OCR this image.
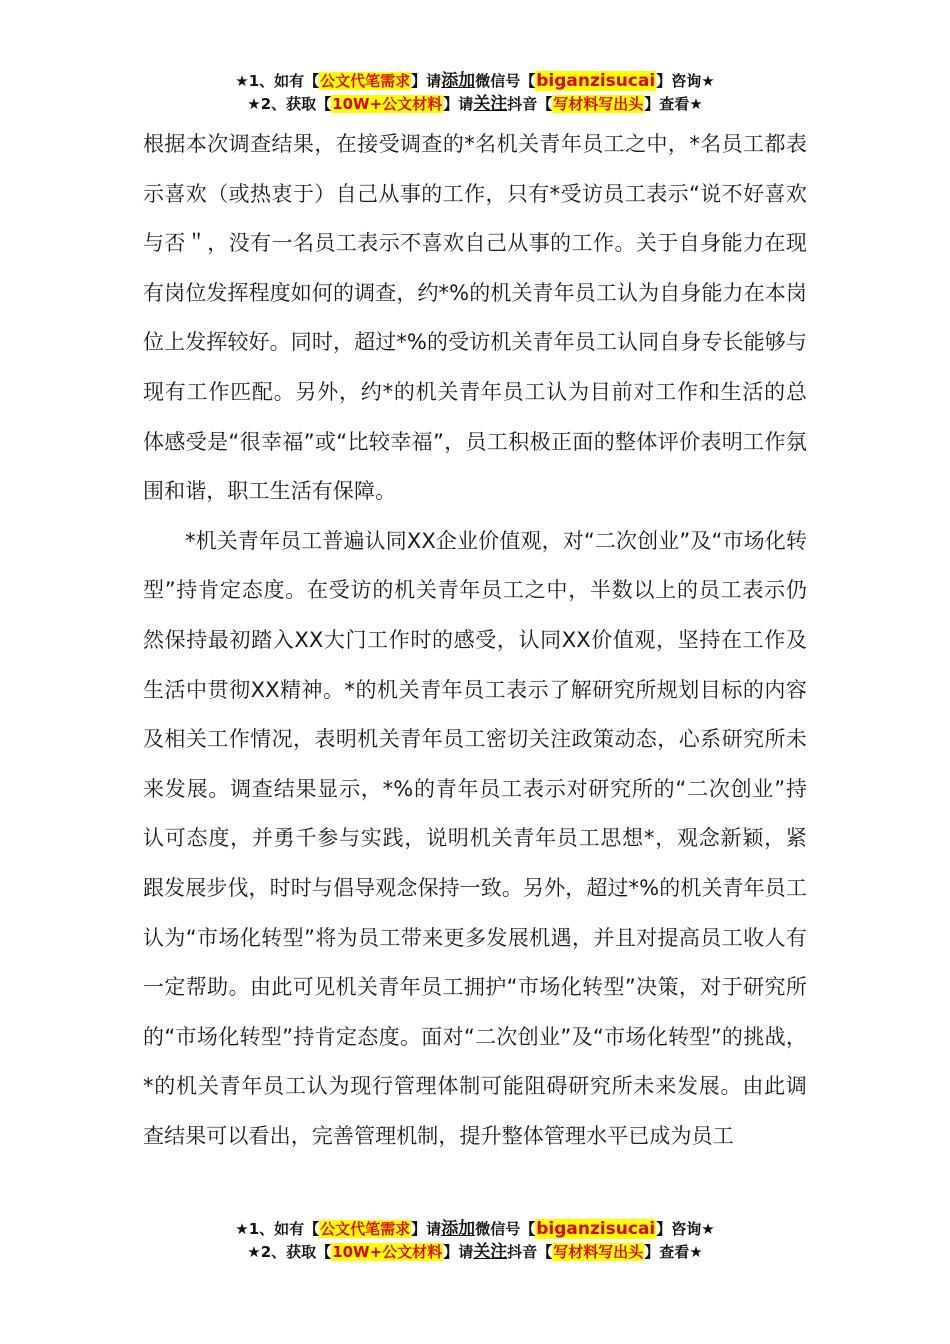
★1、如有【公文代笔需求】请添加微信号【biganzisucai】咨询★
★2、获取【10W+公文材料】请关注抖音【写材料写出头】查看★

根据本次调查结果，在接受调查的*名机关青年员工之中，*名员工都表示喜欢（或热衷于）自己从事的工作，只有*受访员工表示“说不好喜欢与否＂，没有一名员工表示不喜欢自己从事的工作。关于自身能力在现有岗位发挥程度如何的调查，约*%的机关青年员工认为自身能力在本岗位上发挥较好。同时，超过*%的受访机关青年员工认同自身专长能够与现有工作匹配。另外，约*的机关青年员工认为目前对工作和生活的总体感受是“很幸福”或“比较幸福”，员工积极正面的整体评价表明工作氛围和谐，职工生活有保障。

*机关青年员工普遍认同XX企业价值观，对“二次创业”及“市场化转型”持肯定态度。在受访的机关青年员工之中，半数以上的员工表示仍然保持最初踏入XX大门工作时的感受，认同XX价值观，坚持在工作及生活中贯彻XX精神。*的机关青年员工表示了解研究所规划目标的内容及相关工作情况，表明机关青年员工密切关注政策动态，心系研究所未来发展。调查结果显示，*%的青年员工表示对研究所的“二次创业”持认可态度，并勇千参与实践，说明机关青年员工思想*，观念新颖，紧跟发展步伐，时时与倡导观念保持一致。另外，超过*%的机关青年员工认为“市场化转型”将为员工带来更多发展机遇，并且对提高员工收人有一定帮助。由此可见机关青年员工拥护“市场化转型”决策，对于研究所的“市场化转型”持肯定态度。面对“二次创业”及“市场化转型”的挑战，*的机关青年员工认为现行管理体制可能阻碍研究所未来发展。由此调查结果可以看出，完善管理机制，提升整体管理水平已成为员工

★1、如有【公文代笔需求】请添加微信号【biganzisucai】咨询★
★2、获取【10W+公文材料】请关注抖音【写材料写出头】查看★
